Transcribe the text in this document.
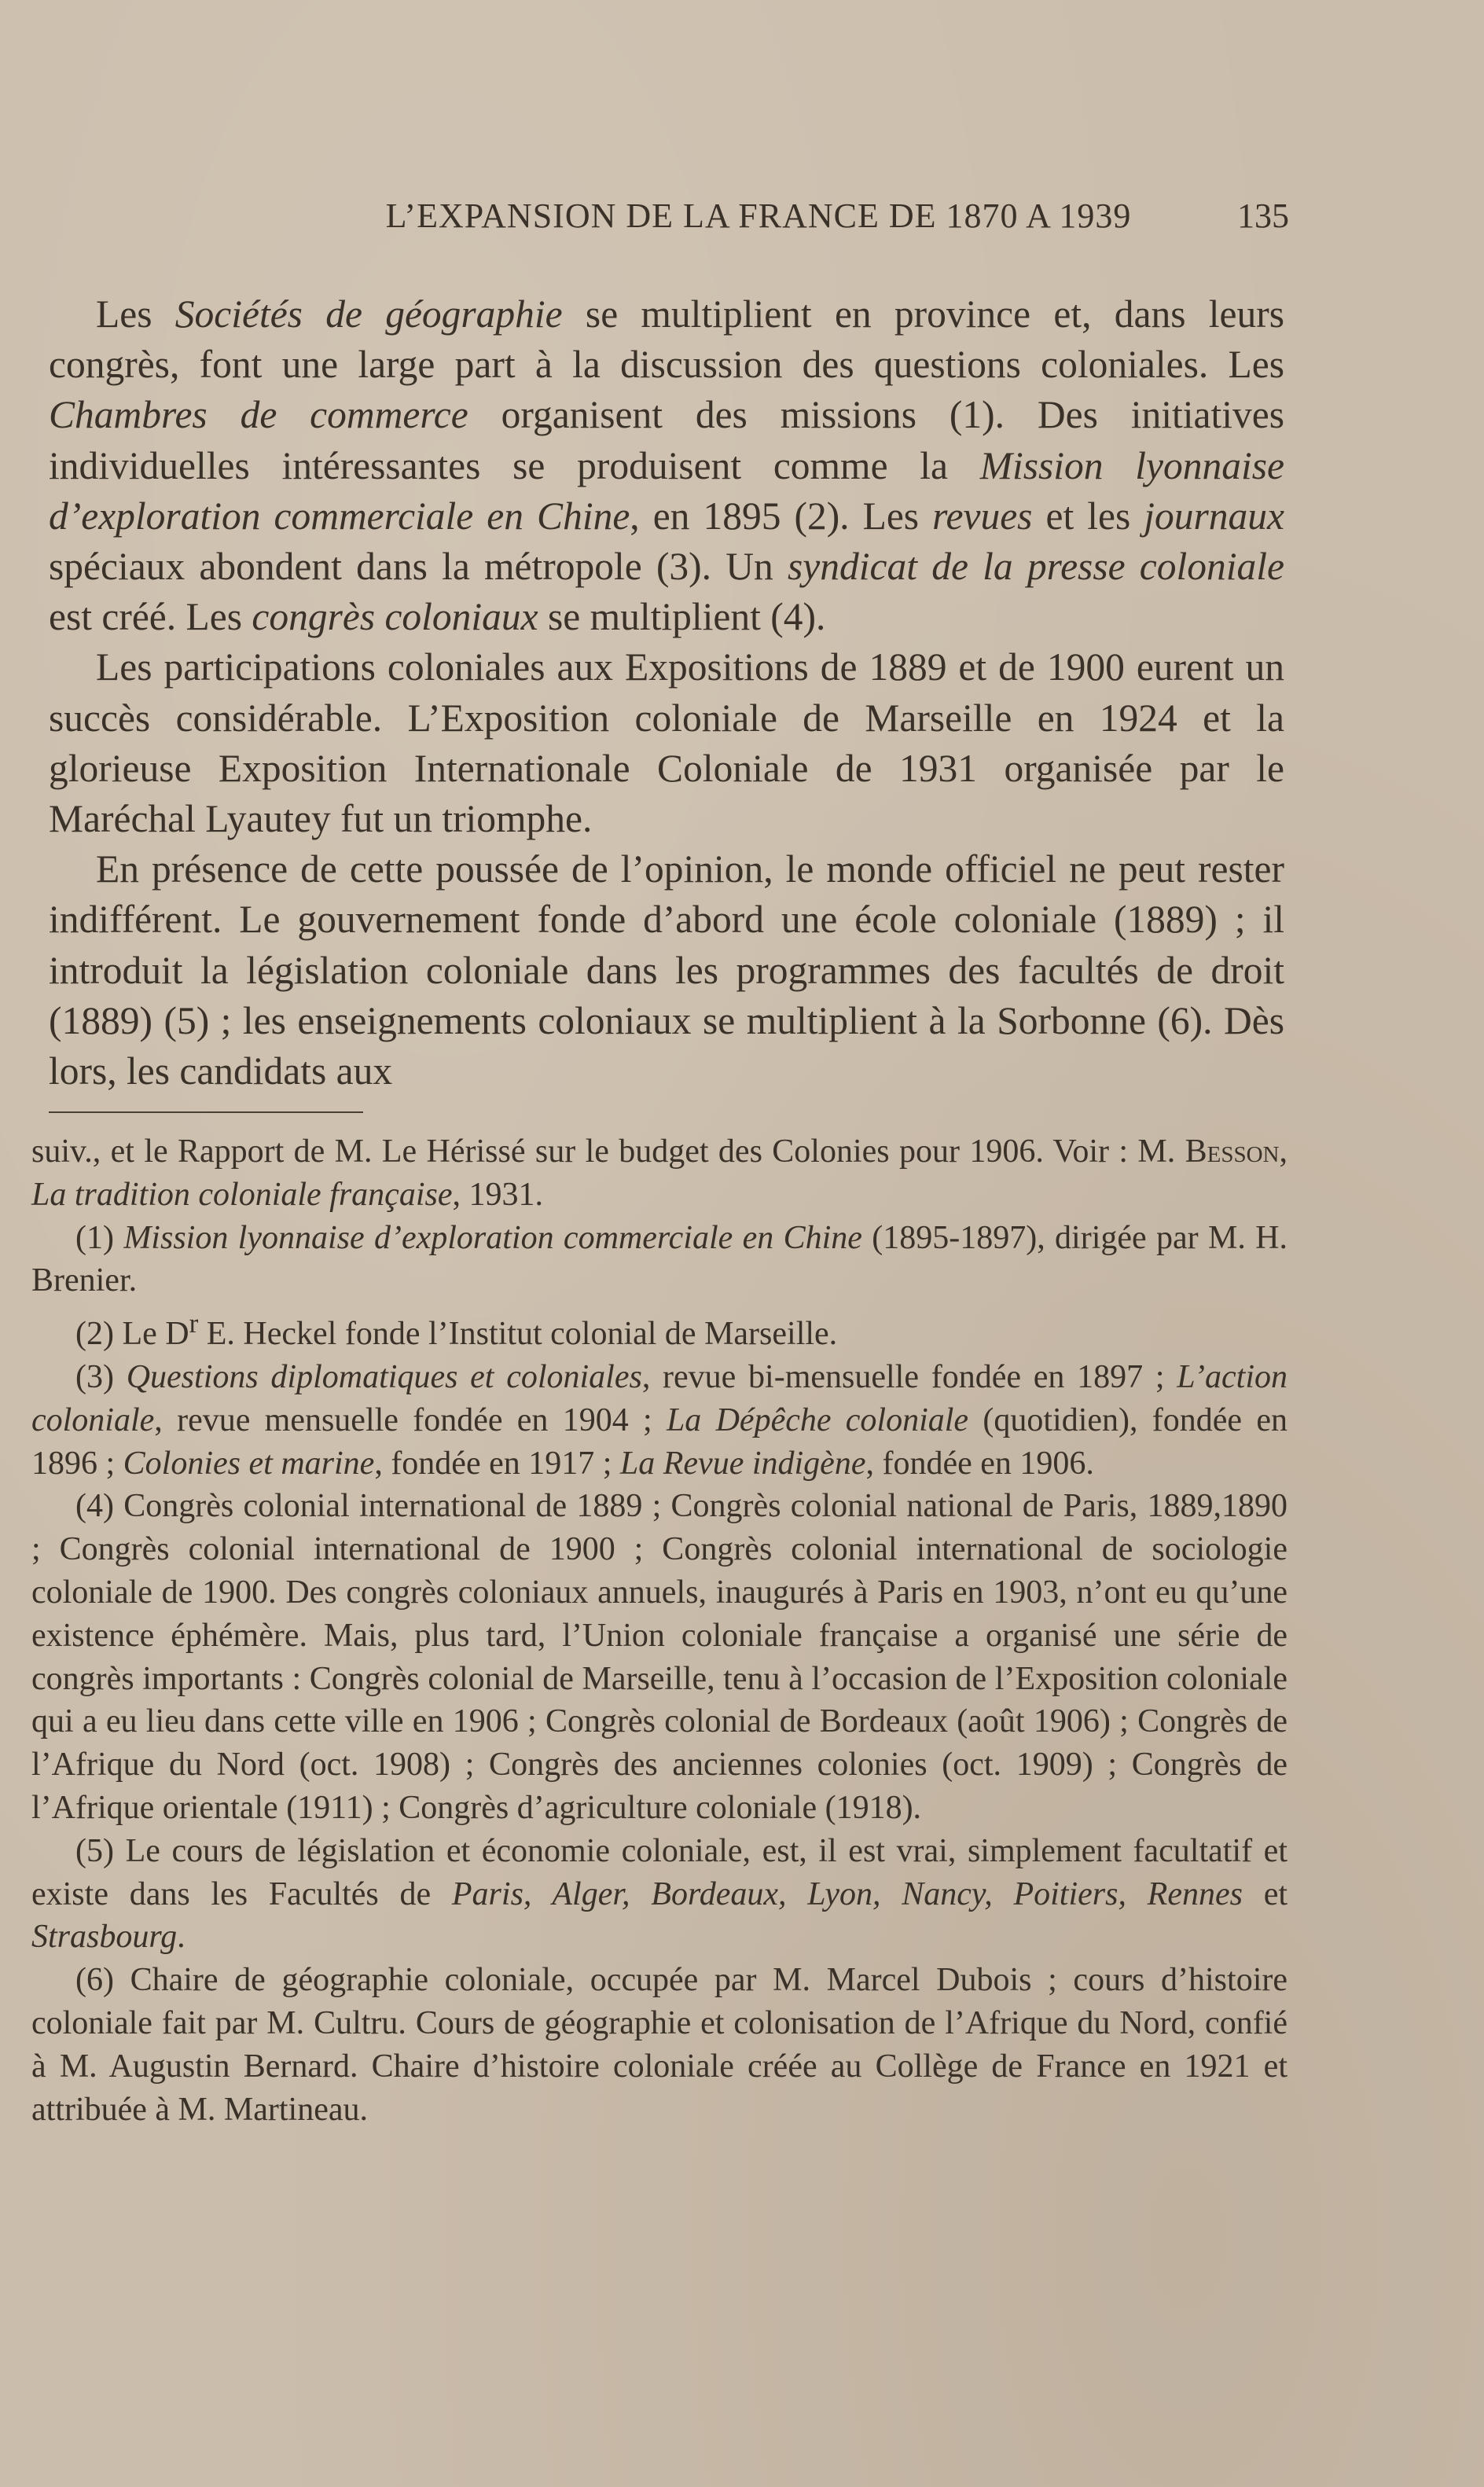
L’EXPANSION DE LA FRANCE DE 1870 A 1939	135

Les Sociétés de géographie se multiplient en province et, dans leurs congrès, font une large part à la discussion des questions coloniales. Les Chambres de commerce organisent des missions (1). Des initiatives individuelles intéressantes se produisent comme la Mission lyonnaise d’exploration commerciale en Chine, en 1895 (2). Les revues et les journaux spéciaux abondent dans la métropole (3). Un syndicat de la presse coloniale est créé. Les congrès coloniaux se multiplient (4).

Les participations coloniales aux Expositions de 1889 et de 1900 eurent un succès considérable. L’Exposition coloniale de Marseille en 1924 et la glorieuse Exposition Internationale Coloniale de 1931 organisée par le Maréchal Lyautey fut un triomphe.

En présence de cette poussée de l’opinion, le monde officiel ne peut rester indifférent. Le gouvernement fonde d’abord une école coloniale (1889) ; il introduit la législation coloniale dans les programmes des facultés de droit (1889) (5) ; les enseignements coloniaux se multiplient à la Sorbonne (6). Dès lors, les candidats aux

suiv., et le Rapport de M. Le Hérissé sur le budget des Colonies pour 1906. Voir : M. Besson, La tradition coloniale française, 1931.

(1) Mission lyonnaise d’exploration commerciale en Chine (1895-1897), dirigée par M. H. Brenier.

(2) Le $D^r$ E. Heckel fonde l’Institut colonial de Marseille.

(3) Questions diplomatiques et coloniales, revue bi-mensuelle fondée en 1897 ; L’action coloniale, revue mensuelle fondée en 1904 ; La Dépêche coloniale (quotidien), fondée en 1896 ; Colonies et marine, fondée en 1917 ; La Revue indigène, fondée en 1906.

(4) Congrès colonial international de 1889 ; Congrès colonial national de Paris, 1889,1890 ; Congrès colonial international de 1900 ; Congrès colonial international de sociologie coloniale de 1900. Des congrès coloniaux annuels, inaugurés à Paris en 1903, n’ont eu qu’une existence éphémère. Mais, plus tard, l’Union coloniale française a organisé une série de congrès importants : Congrès colonial de Marseille, tenu à l’occasion de l’Exposition coloniale qui a eu lieu dans cette ville en 1906 ; Congrès colonial de Bordeaux (août 1906) ; Congrès de l’Afrique du Nord (oct. 1908) ; Congrès des anciennes colonies (oct. 1909) ; Congrès de l’Afrique orientale (1911) ; Congrès d’agriculture coloniale (1918).

(5) Le cours de législation et économie coloniale, est, il est vrai, simplement facultatif et existe dans les Facultés de Paris, Alger, Bordeaux, Lyon, Nancy, Poitiers, Rennes et Strasbourg.

(6) Chaire de géographie coloniale, occupée par M. Marcel Dubois ; cours d’histoire coloniale fait par M. Cultru. Cours de géographie et colonisation de l’Afrique du Nord, confié à M. Augustin Bernard. Chaire d’histoire coloniale créée au Collège de France en 1921 et attribuée à M. Martineau.
